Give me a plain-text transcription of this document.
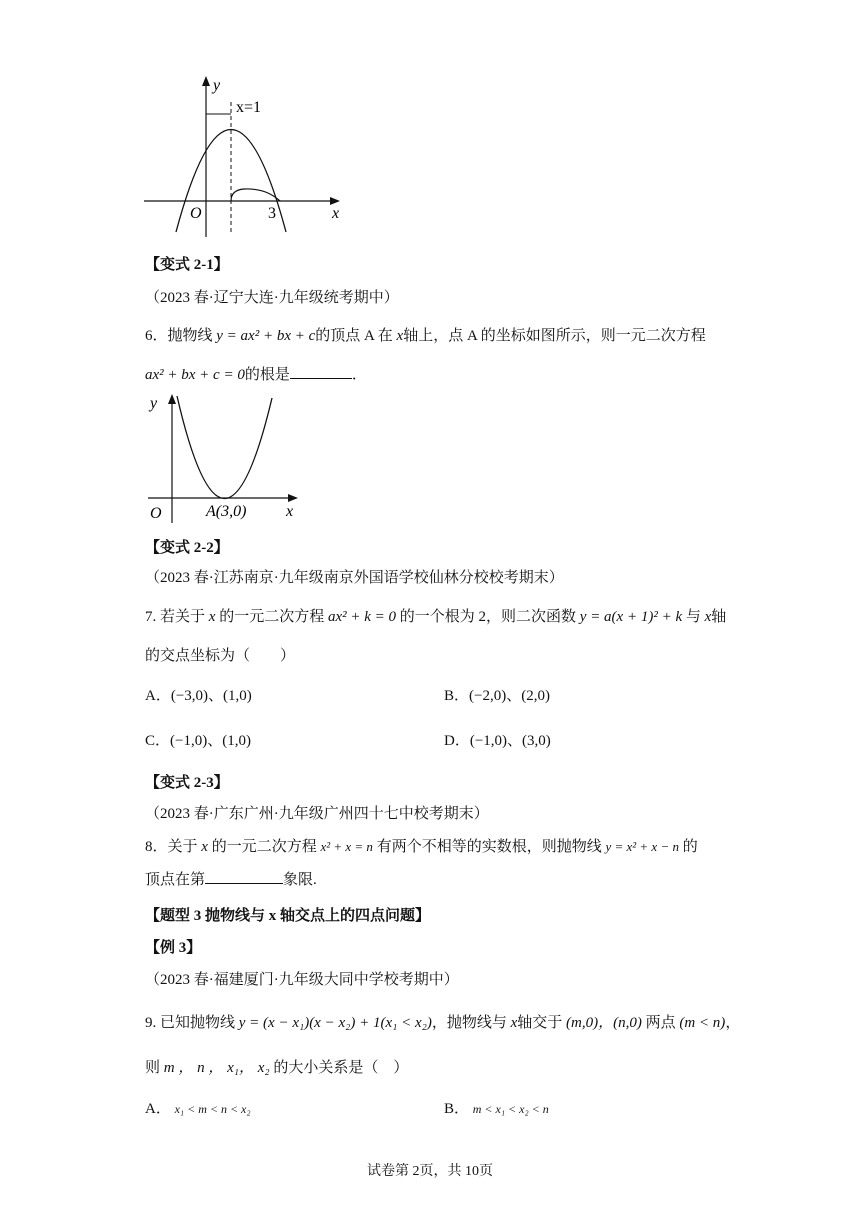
y
x=1
O	3	x
【变式 2-1】
（2023 春·辽宁大连·九年级统考期中）
6．抛物线 y = ax² + bx + c的顶点 A 在 x轴上，点 A 的坐标如图所示，则一元二次方程
ax² + bx + c = 0的根是	．
y
O	A(3,0) x
【变式 2-2】
（2023 春·江苏南京·九年级南京外国语学校仙林分校校考期末）
7. 若关于 x 的一元二次方程 ax² + k = 0 的一个根为 2，则二次函数 y = a(x + 1)² + k 与 x轴
的交点坐标为（　　）
A．(−3,0)、(1,0)	B．(−2,0)、(2,0)
C．(−1,0)、(1,0)	D．(−1,0)、(3,0)
【变式 2-3】
（2023 春·广东广州·九年级广州四十七中校考期末）
8．关于 x 的一元二次方程 x² + x = n 有两个不相等的实数根，则抛物线 y = x² + x − n 的
顶点在第	象限.
【题型 3 抛物线与 x 轴交点上的四点问题】
【例 3】
（2023 春·福建厦门·九年级大同中学校考期中）
9. 已知抛物线 y = (x − x₁)(x − x₂) + 1(x₁ < x₂)，抛物线与 x轴交于 (m,0)，(n,0) 两点 (m < n)，
则 m ， n ， x₁， x₂ 的大小关系是（　）
A． x₁ < m < n < x₂	B． m < x₁ < x₂ < n
试卷第 2页，共 10页
